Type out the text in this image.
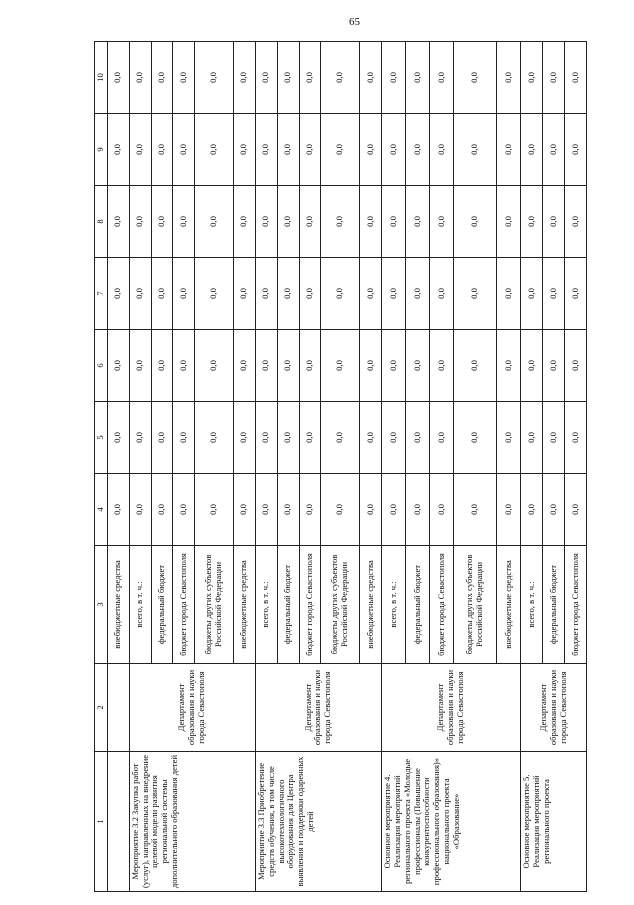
65
1	2	3	4	5	6	7	8	9	10
		внебюджетные средства	0,0	0,0	0,0	0,0	0,0	0,0	0,0
Мероприятие 3.2 Закупка работ (услуг), направленных на внедрение целевой модели развития региональной системы дополнительного образования детей	Департамент образования и науки города Севастополя	всего, в т. ч.:	0,0	0,0	0,0	0,0	0,0	0,0	0,0
		федеральный бюджет	0,0	0,0	0,0	0,0	0,0	0,0	0,0
		бюджет города Севастополя	0,0	0,0	0,0	0,0	0,0	0,0	0,0
		бюджеты других субъектов Российской Федерации	0,0	0,0	0,0	0,0	0,0	0,0	0,0
		внебюджетные средства	0,0	0,0	0,0	0,0	0,0	0,0	0,0
Мероприятие 3.3 Приобретение средств обучения, в том числе высокотехнологичного оборудования для Центра выявления и поддержки одаренных детей	Департамент образования и науки города Севастополя	всего, в т. ч.:	0,0	0,0	0,0	0,0	0,0	0,0	0,0
		федеральный бюджет	0,0	0,0	0,0	0,0	0,0	0,0	0,0
		бюджет города Севастополя	0,0	0,0	0,0	0,0	0,0	0,0	0,0
		бюджеты других субъектов Российской Федерации	0,0	0,0	0,0	0,0	0,0	0,0	0,0
		внебюджетные средства	0,0	0,0	0,0	0,0	0,0	0,0	0,0
Основное мероприятие 4. Реализация мероприятий регионального проекта «Молодые профессионалы (Повышение конкурентоспособности профессионального образования)» национального проекта «Образование»	Департамент образования и науки города Севастополя	всего, в т. ч.:	0,0	0,0	0,0	0,0	0,0	0,0	0,0
		федеральный бюджет	0,0	0,0	0,0	0,0	0,0	0,0	0,0
		бюджет города Севастополя	0,0	0,0	0,0	0,0	0,0	0,0	0,0
		бюджеты других субъектов Российской Федерации	0,0	0,0	0,0	0,0	0,0	0,0	0,0
		внебюджетные средства	0,0	0,0	0,0	0,0	0,0	0,0	0,0
Основное мероприятие 5. Реализация мероприятий регионального проекта	Департамент образования и науки города Севастополя	всего, в т. ч.:	0,0	0,0	0,0	0,0	0,0	0,0	0,0
		федеральный бюджет	0,0	0,0	0,0	0,0	0,0	0,0	0,0
		бюджет города Севастополя	0,0	0,0	0,0	0,0	0,0	0,0	0,0
